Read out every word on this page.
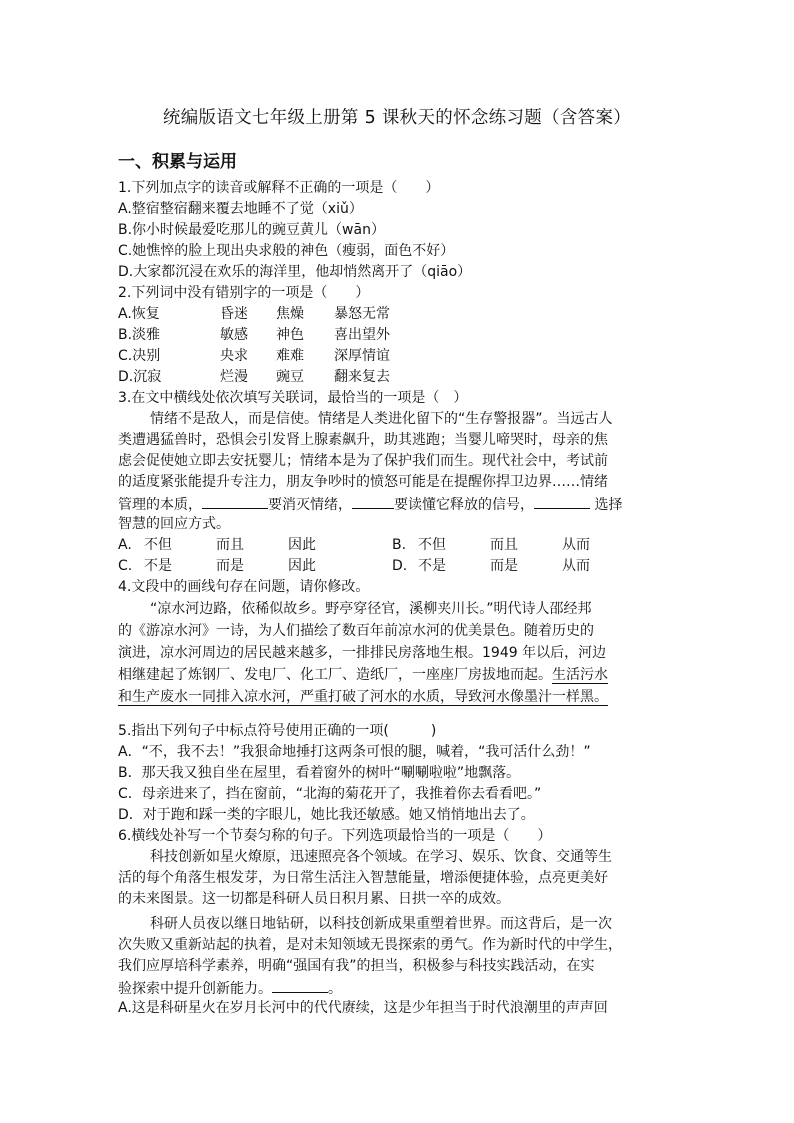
统编版语文七年级上册第 5 课秋天的怀念练习题（含答案）
一、积累与运用
1.下列加点字的读音或解释不正确的一项是（　　）
A.整宿整宿翻来覆去地睡不了觉（xiǔ）
B.你小时候最爱吃那儿的豌豆黄儿（wān）
C.她憔悴的脸上现出央求般的神色（瘦弱，面色不好）
D.大家都沉浸在欢乐的海洋里，他却悄然离开了（qiāo）
2.下列词中没有错别字的一项是（　　）
A.恢复	昏迷 焦燥 暴怒无常
B.淡雅	敏感 神色 喜出望外
C.决别	央求 难难 深厚情谊
D.沉寂	烂漫 豌豆 翻来复去
3.在文中横线处依次填写关联词，最恰当的一项是（　）
情绪不是敌人，而是信使。情绪是人类进化留下的“生存警报器”。当远古人
类遭遇猛兽时，恐惧会引发肾上腺素飙升，助其逃跑；当婴儿啼哭时，母亲的焦
虑会促使她立即去安抚婴儿；情绪本是为了保护我们而生。现代社会中，考试前
的适度紧张能提升专注力，朋友争吵时的愤怒可能是在提醒你捍卫边界……情绪
管理的本质，	要消灭情绪，	要读懂它释放的信号，	选择
智慧的回应方式。
A. 不但	而且	因此	B. 不但	而且	从而
C. 不是	而是	因此	D. 不是	而是	从而
4.文段中的画线句存在问题，请你修改。
“凉水河边路，依稀似故乡。野亭穿径官，溪柳夹川长。”明代诗人邵经邦
的《游凉水河》一诗，为人们描绘了数百年前凉水河的优美景色。随着历史的
演进，凉水河周边的居民越来越多，一排排民房落地生根。1949 年以后，河边
相继建起了炼钢厂、发电厂、化工厂、造纸厂，一座座厂房拔地而起。生活污水
和生产废水一同排入凉水河，严重打破了河水的水质，导致河水像墨汁一样黑。
5.指出下列句子中标点符号使用正确的一项(　　　)
A．“不，我不去！”我狠命地捶打这两条可恨的腿，喊着，“我可活什么劲！”
B．那天我又独自坐在屋里，看着窗外的树叶“唰唰啦啦”地飘落。
C．母亲进来了，挡在窗前，“北海的菊花开了，我推着你去看看吧。”
D．对于跑和踩一类的字眼儿，她比我还敏感。她又悄悄地出去了。
6.横线处补写一个节奏匀称的句子。下列选项最恰当的一项是（　　）
科技创新如星火燎原，迅速照亮各个领域。在学习、娱乐、饮食、交通等生
活的每个角落生根发芽，为日常生活注入智慧能量，增添便捷体验，点亮更美好
的未来图景。这一切都是科研人员日积月累、日拱一卒的成效。
科研人员夜以继日地钻研，以科技创新成果重塑着世界。而这背后，是一次
次失败又重新站起的执着，是对未知领域无畏探索的勇气。作为新时代的中学生，
我们应厚培科学素养，明确“强国有我”的担当，积极参与科技实践活动，在实
验探索中提升创新能力。	。
A.这是科研星火在岁月长河中的代代赓续，这是少年担当于时代浪潮里的声声回
